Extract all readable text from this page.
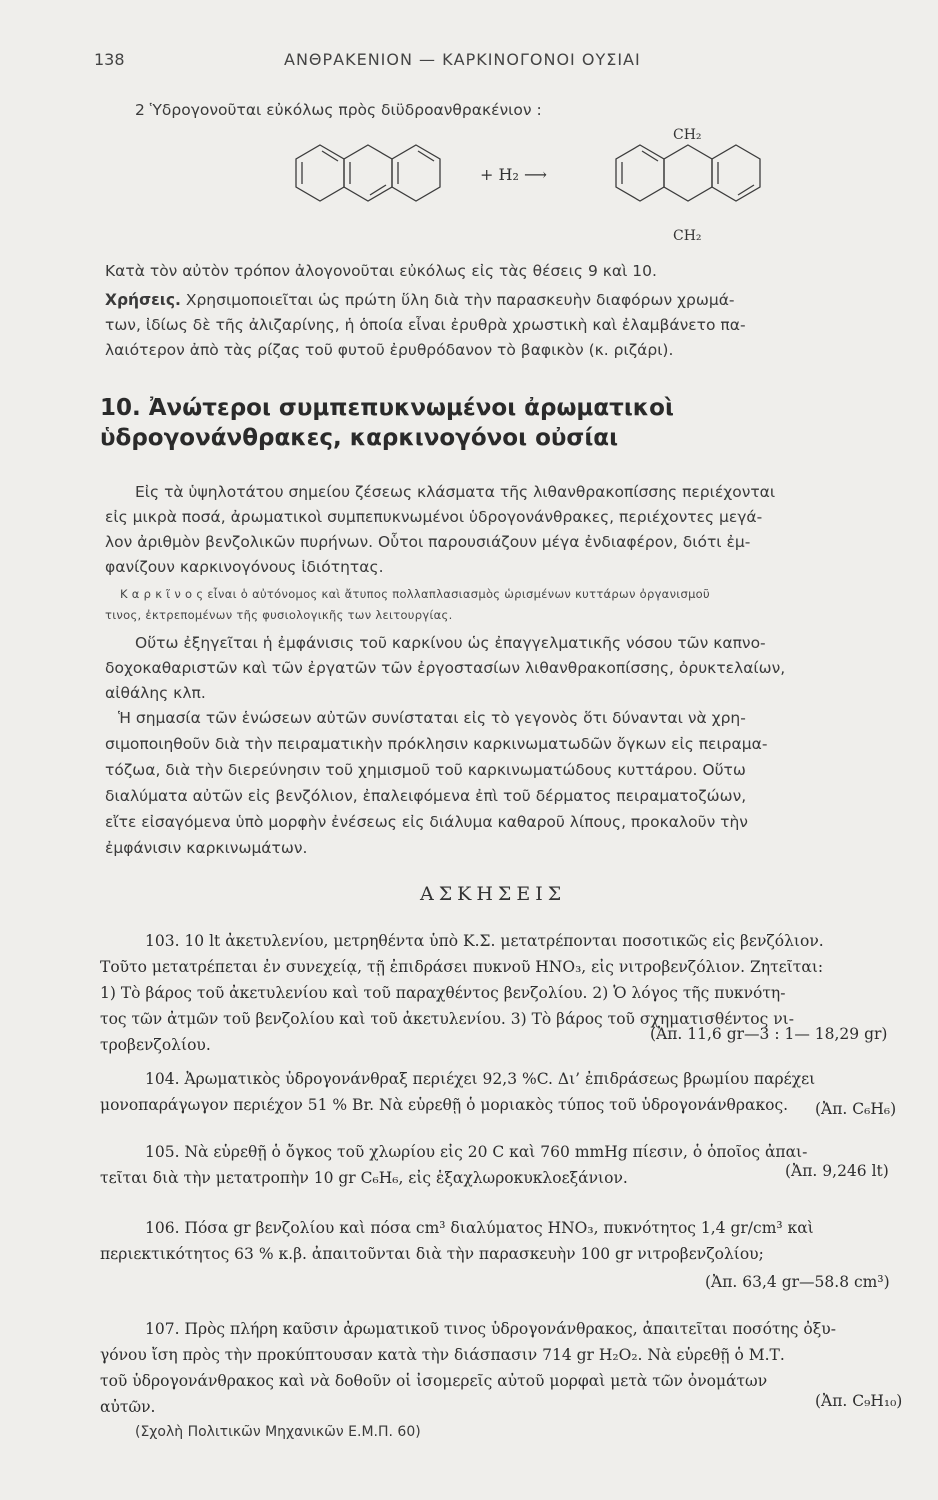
138	ΑΝΘΡΑΚΕΝΙΟΝ — ΚΑΡΚΙΝΟΓΟΝΟΙ ΟΥΣΙΑΙ
2 Ὑδρογονοῦται εὐκόλως πρὸς διϋδροανθρακένιον :
+ H₂ ⟶
CH₂
CH₂
Κατὰ τὸν αὐτὸν τρόπον ἀλογονοῦται εὐκόλως εἰς τὰς θέσεις 9 καὶ 10.
Χρήσεις. Χρησιμοποιεῖται ὡς πρώτη ὕλη διὰ τὴν παρασκευὴν διαφόρων χρωμά-
των, ἰδίως δὲ τῆς ἀλιζαρίνης, ἡ ὁποία εἶναι ἐρυθρὰ χρωστικὴ καὶ ἐλαμβάνετο πα-
λαιότερον ἀπὸ τὰς ρίζας τοῦ φυτοῦ ἐρυθρόδανον τὸ βαφικὸν (κ. ριζάρι).
10. Ἀνώτεροι συμπεπυκνωμένοι ἀρωματικοὶ
ὑδρογονάνθρακες, καρκινογόνοι οὐσίαι
Εἰς τὰ ὑψηλοτάτου σημείου ζέσεως κλάσματα τῆς λιθανθρακοπίσσης περιέχονται
εἰς μικρὰ ποσά, ἀρωματικοὶ συμπεπυκνωμένοι ὑδρογονάνθρακες, περιέχοντες μεγά-
λον ἀριθμὸν βενζολικῶν πυρήνων. Οὗτοι παρουσιάζουν μέγα ἐνδιαφέρον, διότι ἐμ-
φανίζουν καρκινογόνους ἰδιότητας.
Κ α ρ κ ῖ ν ο ς εἶναι ὁ αὐτόνομος καὶ ἄτυπος πολλαπλασιασμὸς ὡρισμένων κυττάρων ὀργανισμοῦ
τινος, ἐκτρεπομένων τῆς φυσιολογικῆς των λειτουργίας.
Οὕτω ἐξηγεῖται ἡ ἐμφάνισις τοῦ καρκίνου ὡς ἐπαγγελματικῆς νόσου τῶν καπνο-
δοχοκαθαριστῶν καὶ τῶν ἐργατῶν τῶν ἐργοστασίων λιθανθρακοπίσσης, ὀρυκτελαίων,
αἰθάλης κλπ.
Ἡ σημασία τῶν ἑνώσεων αὐτῶν συνίσταται εἰς τὸ γεγονὸς ὅτι δύνανται νὰ χρη-
σιμοποιηθοῦν διὰ τὴν πειραματικὴν πρόκλησιν καρκινωματωδῶν ὄγκων εἰς πειραμα-
τόζωα, διὰ τὴν διερεύνησιν τοῦ χημισμοῦ τοῦ καρκινωματώδους κυττάρου. Οὕτω
διαλύματα αὐτῶν εἰς βενζόλιον, ἐπαλειφόμενα ἐπὶ τοῦ δέρματος πειραματοζώων,
εἴτε εἰσαγόμενα ὑπὸ μορφὴν ἐνέσεως εἰς διάλυμα καθαροῦ λίπους, προκαλοῦν τὴν
ἐμφάνισιν καρκινωμάτων.
ΑΣΚΗΣΕΙΣ
103. 10 lt ἀκετυλενίου, μετρηθέντα ὑπὸ Κ.Σ. μετατρέπονται ποσοτικῶς εἰς βενζόλιον.
Τοῦτο μετατρέπεται ἐν συνεχείᾳ, τῇ ἐπιδράσει πυκνοῦ ΗΝΟ₃, εἰς νιτροβενζόλιον. Ζητεῖται:
1) Τὸ βάρος τοῦ ἀκετυλενίου καὶ τοῦ παραχθέντος βενζολίου. 2) Ὁ λόγος τῆς πυκνότη-
τος τῶν ἀτμῶν τοῦ βενζολίου καὶ τοῦ ἀκετυλενίου. 3) Τὸ βάρος τοῦ σχηματισθέντος νι-
τροβενζολίου.
(Ἀπ. 11,6 gr—3 : 1— 18,29 gr)
104. Ἀρωματικὸς ὑδρογονάνθραξ περιέχει 92,3 %C. Δι’ ἐπιδράσεως βρωμίου παρέχει
μονοπαράγωγον περιέχον 51 % Br. Νὰ εὑρεθῇ ὁ μοριακὸς τύπος τοῦ ὑδρογονάνθρακος. (Ἀπ. C₆H₆)
105. Νὰ εὑρεθῇ ὁ ὄγκος τοῦ χλωρίου εἰς 20 C καὶ 760 mmHg πίεσιν, ὁ ὁποῖος ἀπαι-
τεῖται διὰ τὴν μετατροπὴν 10 gr C₆H₆, εἰς ἑξαχλωροκυκλοεξάνιον.	(Ἀπ. 9,246 lt)
106. Πόσα gr βενζολίου καὶ πόσα cm³ διαλύματος ΗΝΟ₃, πυκνότητος 1,4 gr/cm³ καὶ
περιεκτικότητος 63 % κ.β. ἀπαιτοῦνται διὰ τὴν παρασκευὴν 100 gr νιτροβενζολίου;
(Ἀπ. 63,4 gr—58.8 cm³)
107. Πρὸς πλήρη καῦσιν ἀρωματικοῦ τινος ὑδρογονάνθρακος, ἀπαιτεῖται ποσότης ὀξυ-
γόνου ἴση πρὸς τὴν προκύπτουσαν κατὰ τὴν διάσπασιν 714 gr Η₂Ο₂. Νὰ εὑρεθῇ ὁ Μ.Τ.
τοῦ ὑδρογονάνθρακος καὶ νὰ δοθοῦν οἱ ἰσομερεῖς αὐτοῦ μορφαὶ μετὰ τῶν ὀνομάτων
αὐτῶν.	(Ἀπ. C₉H₁₀)
(Σχολὴ Πολιτικῶν Μηχανικῶν Ε.Μ.Π. 60)
